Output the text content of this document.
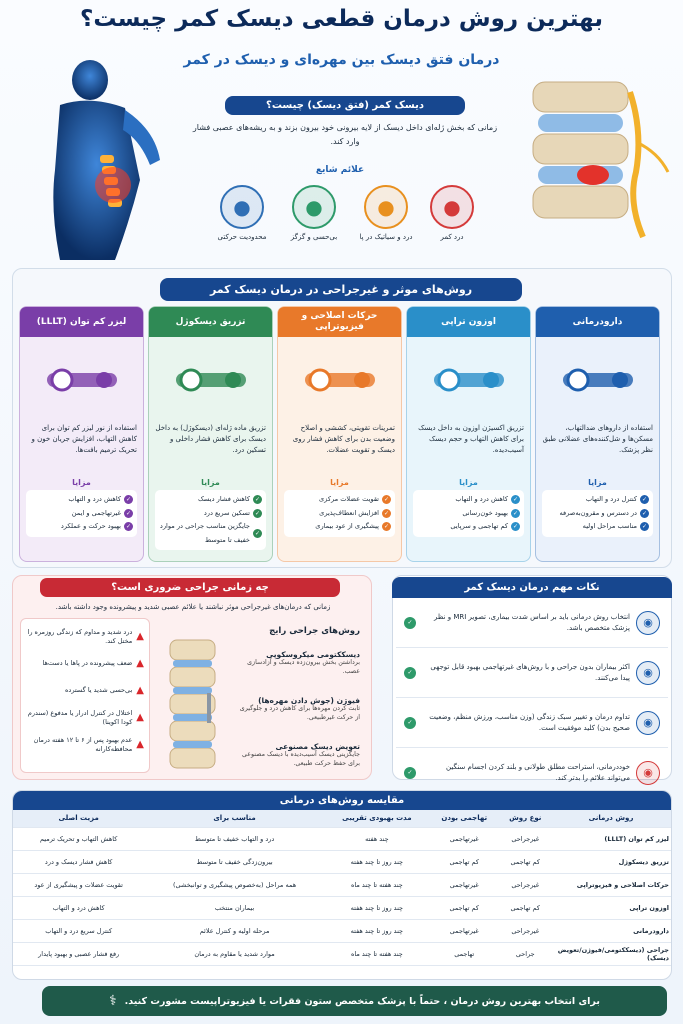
بهترین روش درمان قطعی دیسک کمر چیست؟
درمان فتق دیسک بین مهره‌ای و دیسک در کمر
دیسک کمر (فتق دیسک) چیست؟
زمانی که بخش ژله‌ای داخل دیسک از لایه بیرونی خود بیرون بزند و به ریشه‌های عصبی فشار وارد کند.
علائم شایع
●
محدودیت حرکتی
●
بی‌حسی و گزگز
●
درد و سیاتیک در پا
●
درد کمر
روش‌های موثر و غیرجراحی در درمان دیسک کمر
دارودرمانی
استفاده از داروهای ضدالتهاب، مسکن‌ها و شل‌کننده‌های عضلانی طبق نظر پزشک.
مزایا
✓
کنترل درد و التهاب
✓
در دسترس و مقرون‌به‌صرفه
✓
مناسب مراحل اولیه
اوزون تراپی
تزریق اکسیژن اوزون به داخل دیسک برای کاهش التهاب و حجم دیسک آسیب‌دیده.
مزایا
✓
کاهش درد و التهاب
✓
بهبود خون‌رسانی
✓
کم تهاجمی و سرپایی
حرکات اصلاحی و فیزیوتراپی
تمرینات تقویتی، کششی و اصلاح وضعیت بدن برای کاهش فشار روی دیسک و تقویت عضلات.
مزایا
✓
تقویت عضلات مرکزی
✓
افزایش انعطاف‌پذیری
✓
پیشگیری از عود بیماری
تزریق دیسکوژل
تزریق ماده ژله‌ای (دیسکوژل) به داخل دیسک برای کاهش فشار داخلی و تسکین درد.
مزایا
✓
کاهش فشار دیسک
✓
تسکین سریع درد
✓
جایگزین مناسب جراحی در موارد خفیف تا متوسط
لیزر کم توان (LLLT)
استفاده از نور لیزر کم توان برای کاهش التهاب، افزایش جریان خون و تحریک ترمیم بافت‌ها.
مزایا
✓
کاهش درد و التهاب
✓
غیرتهاجمی و ایمن
✓
بهبود حرکت و عملکرد
چه زمانی جراحی ضروری است؟
زمانی که درمان‌های غیرجراحی موثر نباشند یا علائم عصبی شدید و پیشرونده وجود داشته باشد.
روش‌های جراحی رایج
▲
درد شدید و مداوم که زندگی روزمره را مختل کند.
▲
ضعف پیشرونده در پاها یا دست‌ها
▲
بی‌حسی شدید یا گسترده
▲
اختلال در کنترل ادرار یا مدفوع (سندرم کودا اکوینا)
▲
عدم بهبود پس از ۶ تا ۱۲ هفته درمان محافظه‌کارانه
نکات مهم درمان دیسک کمر
◉
انتخاب روش درمانی باید بر اساس شدت بیماری، تصویر MRI و نظر پزشک متخصص باشد.
✓
◉
اکثر بیماران بدون جراحی و با روش‌های غیرتهاجمی بهبود قابل توجهی پیدا می‌کنند.
✓
◉
تداوم درمان و تغییر سبک زندگی (وزن مناسب، ورزش منظم، وضعیت صحیح بدن) کلید موفقیت است.
✓
◉
خوددرمانی، استراحت مطلق طولانی و بلند کردن اجسام سنگین می‌تواند علائم را بدتر کند.
✓
مقایسه روش‌های درمانی
روش درمانی	نوع روش	تهاجمی بودن	مدت بهبودی تقریبی	مناسب برای	مزیت اصلی
لیزر کم توان (LLLT)	غیرجراحی	غیرتهاجمی	چند هفته	درد و التهاب خفیف تا متوسط	کاهش التهاب و تحریک ترمیم
تزریق دیسکوژل	کم تهاجمی	کم تهاجمی	چند روز تا چند هفته	بیرون‌زدگی خفیف تا متوسط	کاهش فشار دیسک و درد
حرکات اصلاحی و فیزیوتراپی	غیرجراحی	غیرتهاجمی	چند هفته تا چند ماه	همه مراحل (به‌خصوص پیشگیری و توانبخشی)	تقویت عضلات و پیشگیری از عود
اوزون تراپی	کم تهاجمی	کم تهاجمی	چند روز تا چند هفته	بیماران منتخب	کاهش درد و التهاب
دارودرمانی	غیرجراحی	غیرتهاجمی	چند روز تا چند هفته	مرحله اولیه و کنترل علائم	کنترل سریع درد و التهاب
جراحی (دیسککتومی/فیوژن/تعویض دیسک)	جراحی	تهاجمی	چند هفته تا چند ماه	موارد شدید یا مقاوم به درمان	رفع فشار عصبی و بهبود پایدار
برای انتخاب بهترین روش درمان ، حتماً با پزشک متخصص ستون فقرات یا فیزیوتراپیست مشورت کنید.
⚕
دیسککتومی میکروسکوپی
برداشتن بخش بیرون‌زده دیسک و آزادسازی عصب.
فیوژن (جوش دادن مهره‌ها)
ثابت کردن مهره‌ها برای کاهش درد و جلوگیری از حرکت غیرطبیعی.
تعویض دیسک مصنوعی
جایگزینی دیسک آسیب‌دیده با دیسک مصنوعی برای حفظ حرکت طبیعی.
